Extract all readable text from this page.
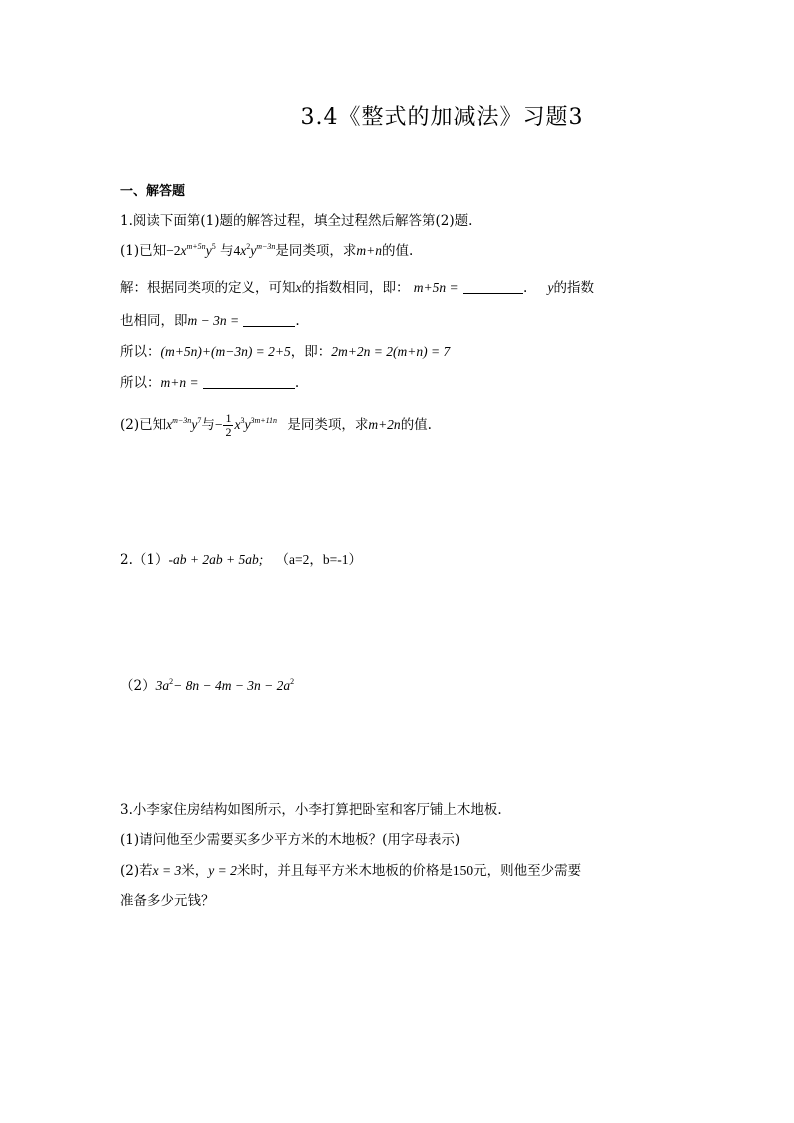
3.4《整式的加减法》习题3
一、解答题
1.阅读下面第(1)题的解答过程，填全过程然后解答第(2)题.
(1)已知$-2x^{m+5n}y^5$ 与$4x^2y^{m-3n}$是同类项，求m+n的值.
解：根据同类项的定义，可知x的指数相同，即： m+5n =	. y的指数
也相同，即m − 3n =	.
所以：(m+5n)+(m−3n) = 2+5，即：2m+2n = 2(m+n) = 7
所以：m+n =	.
(2)已知$x^{m-3n}y^7$与− $\frac{1}{2} x^3y^{3m+11n}$ 是同类项，求m+2n的值.
2.（1）-ab + 2ab + 5ab; （a=2，b=-1）
$(2)3a^2- 8n - 4m - 3n - 2a^2$
3.小李家住房结构如图所示，小李打算把卧室和客厅铺上木地板.
(1)请问他至少需要买多少平方米的木地板？(用字母表示)
(2)若x = 3米，y = 2米时，并且每平方米木地板的价格是150元，则他至少需要
准备多少元钱？
